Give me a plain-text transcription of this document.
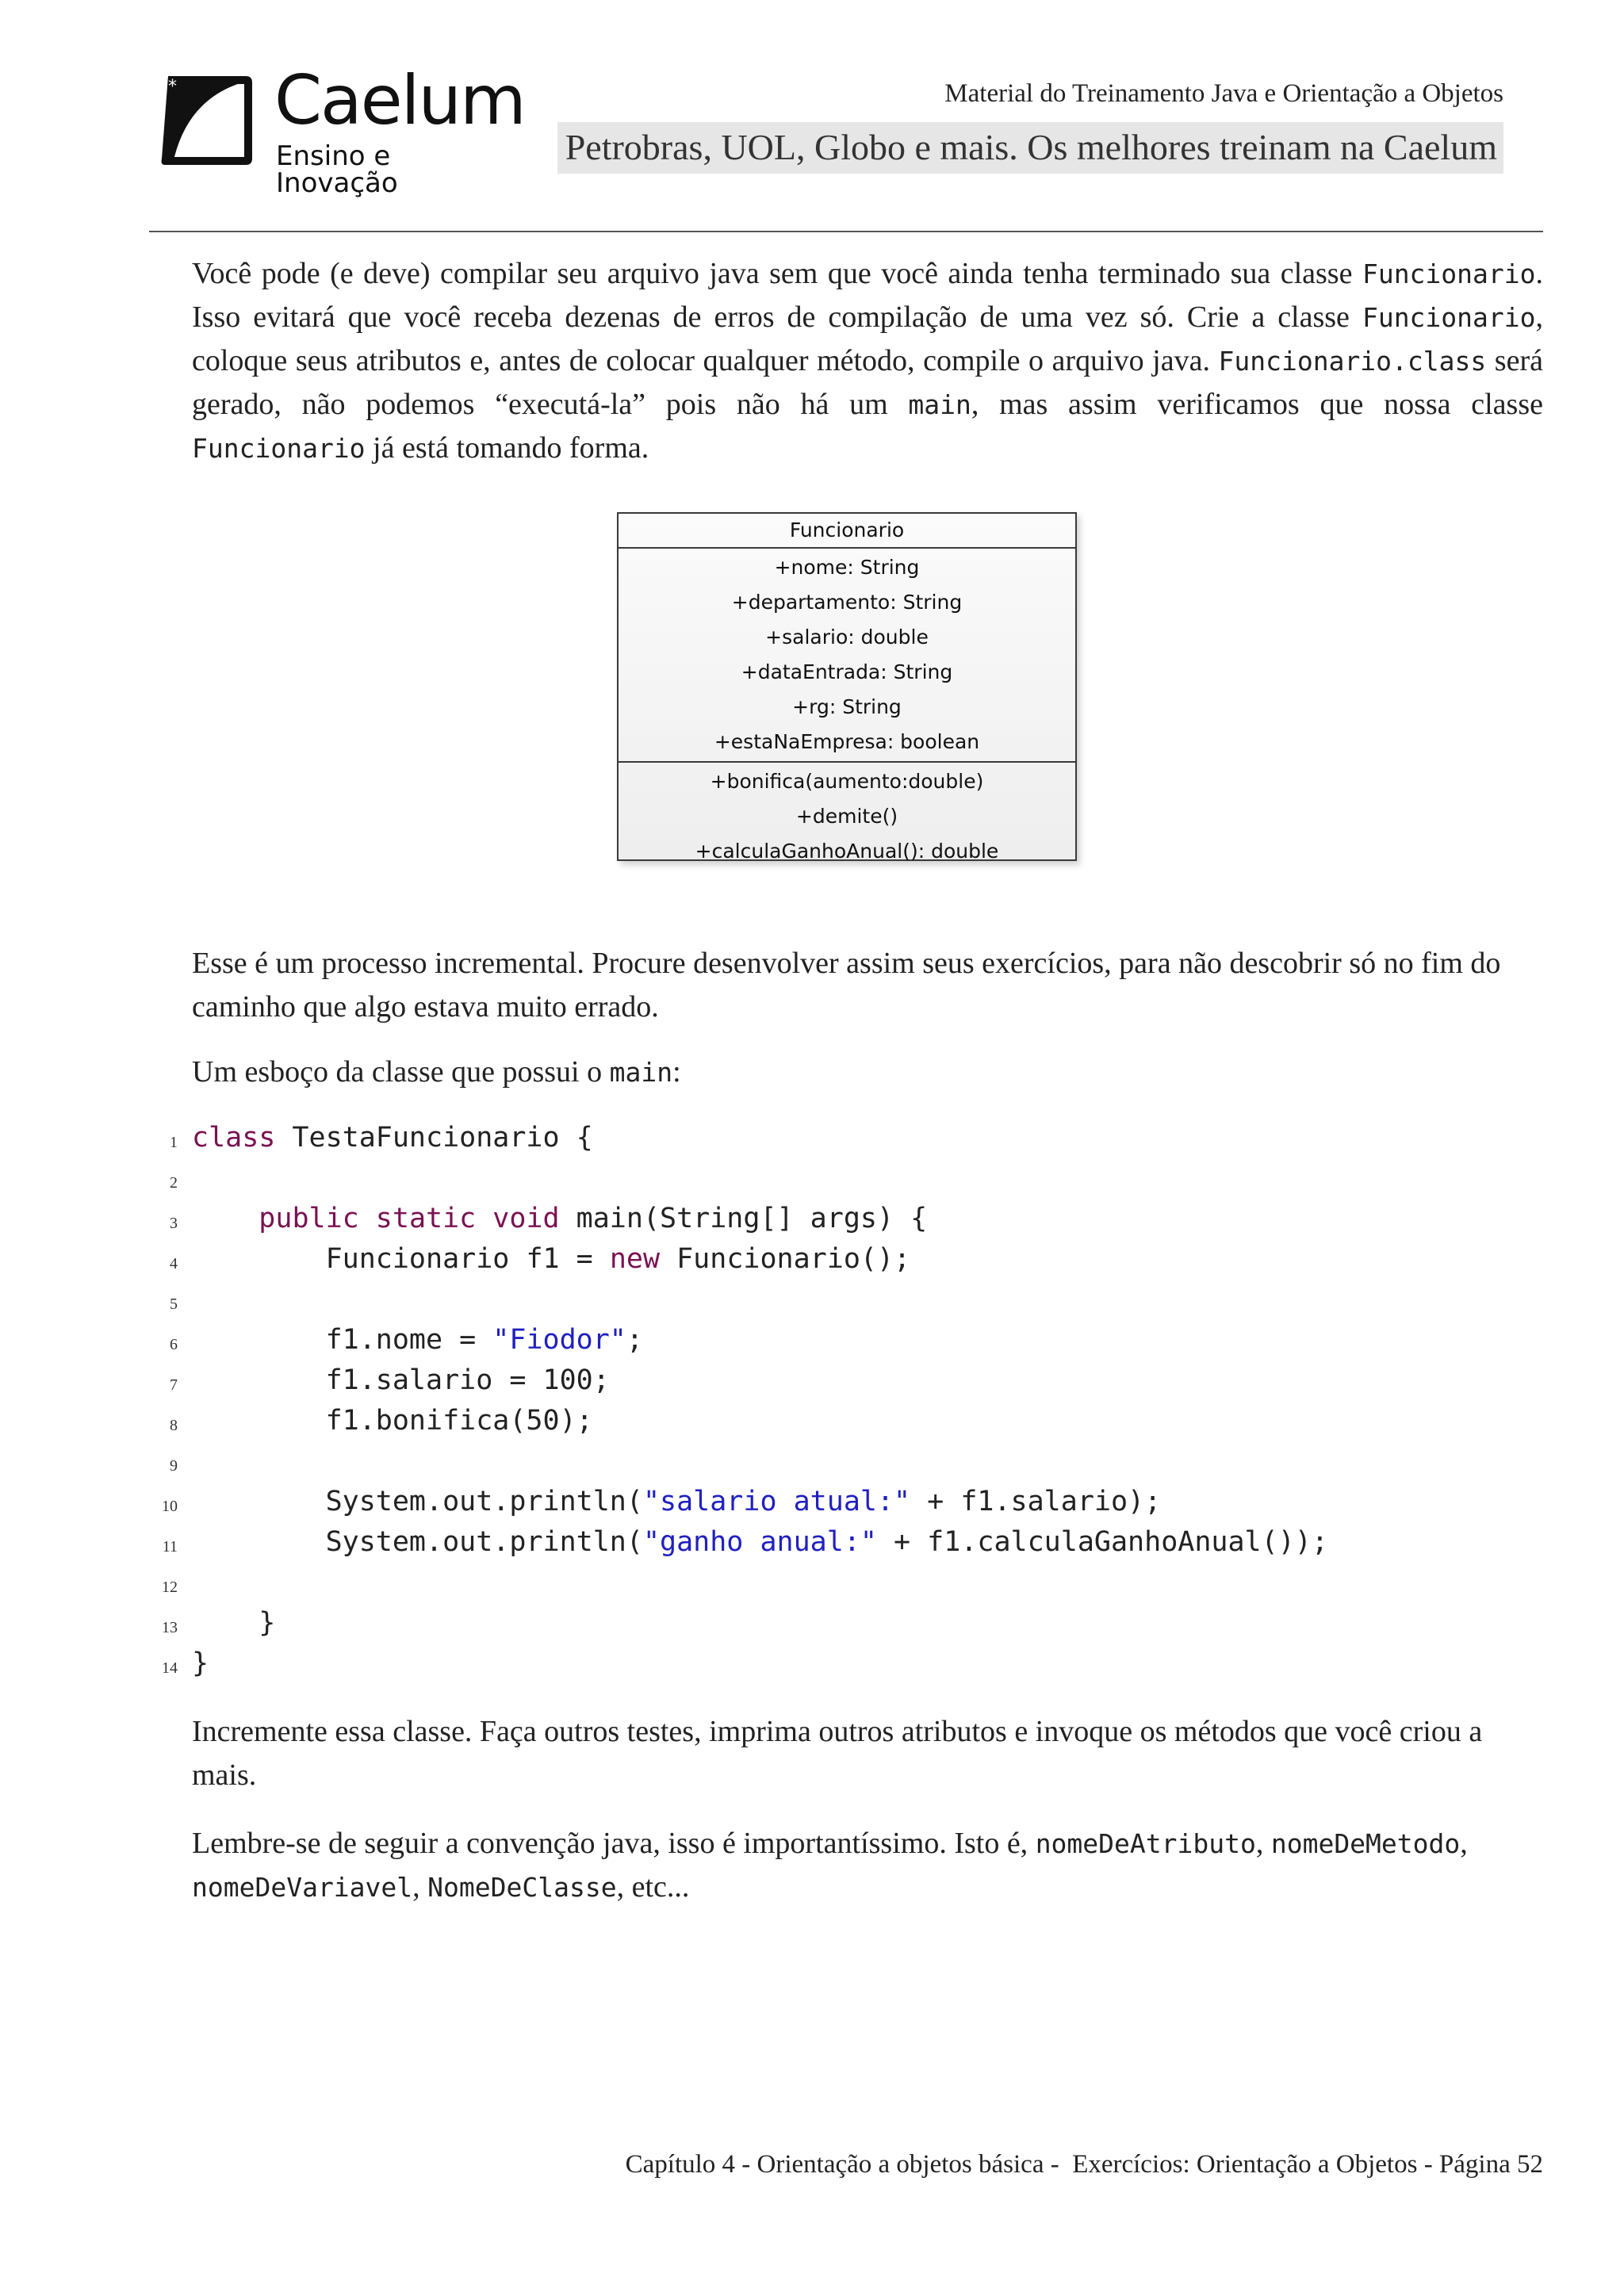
* Caelum
Ensino e Inovação
Material do Treinamento Java e Orientação a Objetos
Petrobras, UOL, Globo e mais. Os melhores treinam na Caelum

Você pode (e deve) compilar seu arquivo java sem que você ainda tenha terminado sua classe Funcionario. Isso evitará que você receba dezenas de erros de compilação de uma vez só. Crie a classe Funcionario, coloque seus atributos e, antes de colocar qualquer método, compile o arquivo java. Funcionario.class será gerado, não podemos “executá-la” pois não há um main, mas assim verificamos que nossa classe Funcionario já está tomando forma.

Funcionario
+nome: String
+departamento: String
+salario: double
+dataEntrada: String
+rg: String
+estaNaEmpresa: boolean
+bonifica(aumento:double)
+demite()
+calculaGanhoAnual(): double

Esse é um processo incremental. Procure desenvolver assim seus exercícios, para não descobrir só no fim do caminho que algo estava muito errado.

Um esboço da classe que possui o main:

1 class TestaFuncionario {
2
3	public static void main(String[] args) {
4	Funcionario f1 = new Funcionario();
5
6	f1.nome = "Fiodor";
7 f1.salario = 100;
8 f1.bonifica(50);
9
10	System.out.println("salario atual:" + f1.salario);
11	System.out.println("ganho anual:" + f1.calculaGanhoAnual());
12
13 }
14 }

Incremente essa classe. Faça outros testes, imprima outros atributos e invoque os métodos que você criou a mais.

Lembre-se de seguir a convenção java, isso é importantíssimo. Isto é, nomeDeAtributo, nomeDeMetodo, nomeDeVariavel, NomeDeClasse, etc...

Capítulo 4 - Orientação a objetos básica -  Exercícios: Orientação a Objetos - Página 52
